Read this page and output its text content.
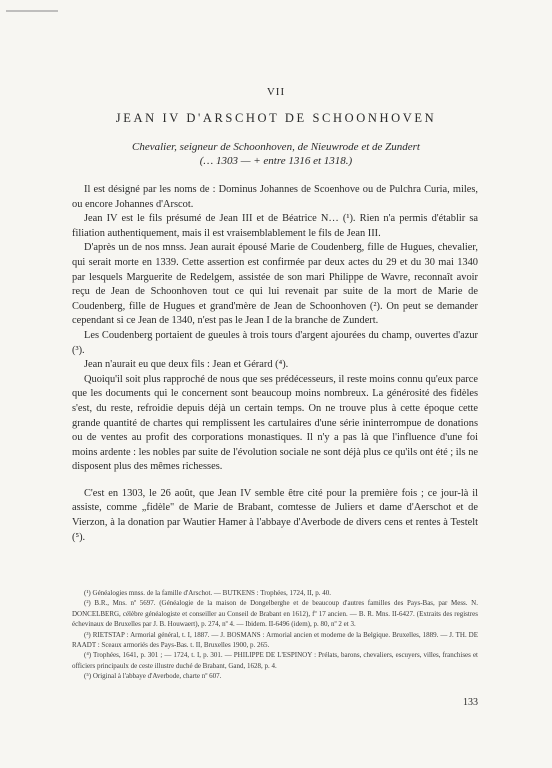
VII
JEAN IV D'ARSCHOT DE SCHOONHOVEN
Chevalier, seigneur de Schoonhoven, de Nieuwrode et de Zundert
(… 1303 — + entre 1316 et 1318.)

Il est désigné par les noms de : Dominus Johannes de Scoenhove ou de Pulchra Curia, miles, ou encore Johannes d'Arscot.

Jean IV est le fils présumé de Jean III et de Béatrice N… (¹). Rien n'a permis d'établir sa filiation authentiquement, mais il est vraisemblablement le fils de Jean III.

D'après un de nos mnss. Jean aurait épousé Marie de Coudenberg, fille de Hugues, chevalier, qui serait morte en 1339. Cette assertion est confirmée par deux actes du 29 et du 30 mai 1340 par lesquels Marguerite de Redelgem, assistée de son mari Philippe de Wavre, reconnaît avoir reçu de Jean de Schoonhoven tout ce qui lui revenait par suite de la mort de Marie de Coudenberg, fille de Hugues et grand'mère de Jean de Schoonhoven (²). On peut se demander cependant si ce Jean de 1340, n'est pas le Jean I de la branche de Zundert.

Les Coudenberg portaient de gueules à trois tours d'argent ajourées du champ, ouvertes d'azur (³).

Jean n'aurait eu que deux fils : Jean et Gérard (⁴).

Quoiqu'il soit plus rapproché de nous que ses prédécesseurs, il reste moins connu qu'eux parce que les documents qui le concernent sont beaucoup moins nombreux. La générosité des fidèles s'est, du reste, refroidie depuis déjà un certain temps. On ne trouve plus à cette époque cette grande quantité de chartes qui remplissent les cartulaires d'une série ininterrompue de donations ou de ventes au profit des corporations monastiques. Il n'y a pas là que l'influence d'une foi moins ardente : les nobles par suite de l'évolution sociale ne sont déjà plus ce qu'ils ont été ; ils ne disposent plus des mêmes richesses.

C'est en 1303, le 26 août, que Jean IV semble être cité pour la première fois ; ce jour-là il assiste, comme „fidèle" de Marie de Brabant, comtesse de Juliers et dame d'Aerschot et de Vierzon, à la donation par Wautier Hamer à l'abbaye d'Averbode de divers cens et rentes à Testelt (⁵).

(¹) Généalogies mnss. de la famille d'Arschot. — BUTKENS : Trophées, 1724, II, p. 40.

(²) B.R., Mns. nº 5697. (Généalogie de la maison de Dongelberghe et de beaucoup d'autres familles des Pays-Bas, par Mess. N. DONCELBERG, célèbre généalogiste et conseiller au Conseil de Brabant en 1612), fº 17 ancien. — B. R. Mns. II-6427. (Extraits des registres échevinaux de Bruxelles par J. B. Houwaert), p. 274, nº 4. — Ibidem. II-6496 (idem), p. 80, nº 2 et 3.

(³) RIETSTAP : Armorial général, t. I, 1887. — J. BOSMANS : Armorial ancien et moderne de la Belgique. Bruxelles, 1889. — J. TH. DE RAADT : Sceaux armoriés des Pays-Bas. t. II, Bruxelles 1900, p. 265.

(⁴) Trophées, 1641, p. 301 ; — 1724, t. I, p. 301. — PHILIPPE DE L'ESPINOY : Prélats, barons, chevaliers, escuyers, villes, franchises et officiers principaulx de ceste illustre duché de Brabant, Gand, 1628, p. 4.

(⁵) Original à l'abbaye d'Averbode, charte nº 607.

133
